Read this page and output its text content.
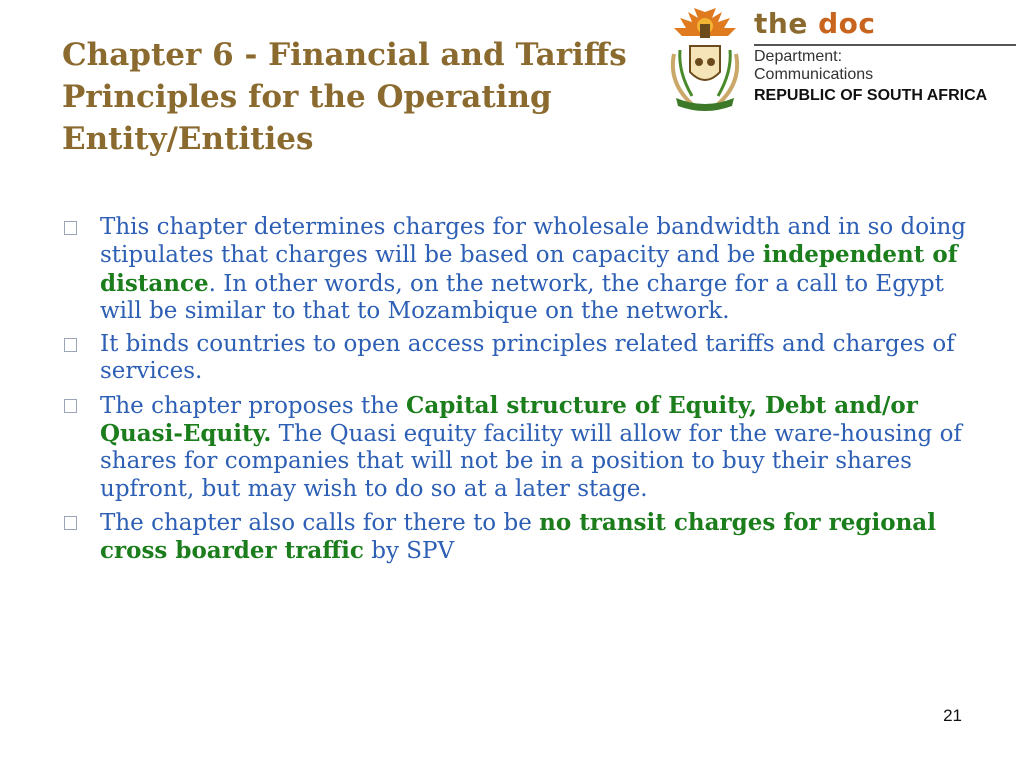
Chapter 6 - Financial and Tariffs Principles for the Operating Entity/Entities
the doc
Department:
Communications
REPUBLIC OF SOUTH AFRICA
This chapter determines charges for wholesale bandwidth and in so doing stipulates that charges will be based on capacity and be independent of distance. In other words, on the network, the charge for a call to Egypt will be similar to that to Mozambique on the network.
It binds countries to open access principles related tariffs and charges of services.
The chapter proposes the Capital structure of Equity, Debt and/or Quasi-Equity. The Quasi equity facility will allow for the ware-housing of shares for companies that will not be in a position to buy their shares upfront, but may wish to do so at a later stage.
The chapter also calls for there to be no transit charges for regional cross boarder traffic by SPV
21
